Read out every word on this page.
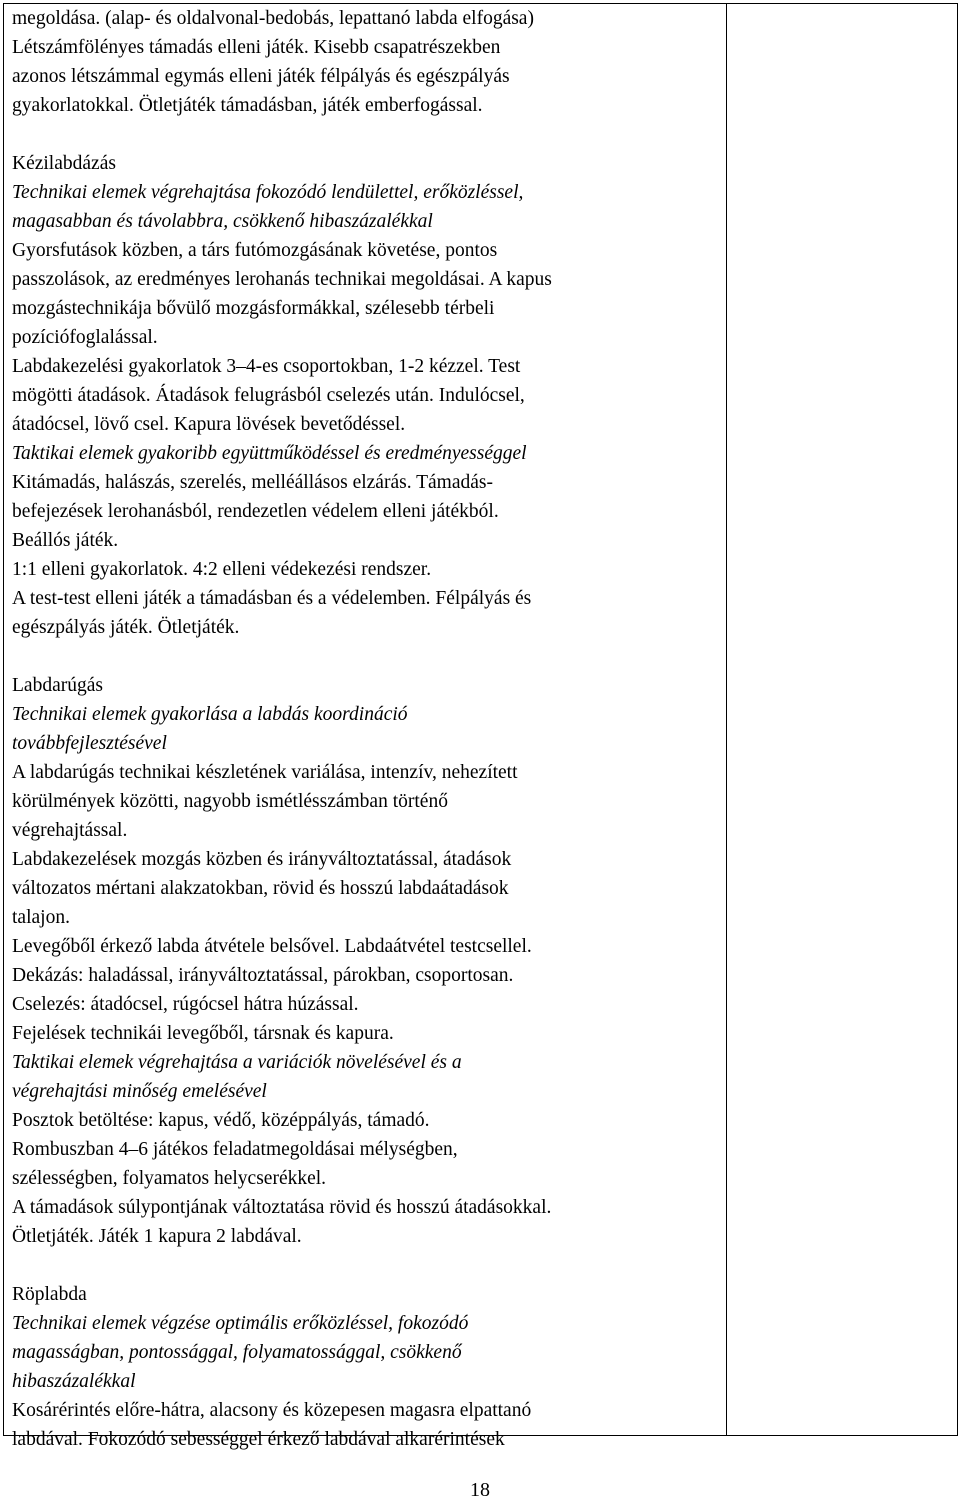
megoldása. (alap- és oldalvonal-bedobás, lepattanó labda elfogása)
Létszámfölényes támadás elleni játék. Kisebb csapatrészekben
azonos létszámmal egymás elleni játék félpályás és egészpályás
gyakorlatokkal. Ötletjáték támadásban, játék emberfogással.
Kézilabdázás
Technikai elemek végrehajtása fokozódó lendülettel, erőközléssel,
magasabban és távolabbra, csökkenő hibaszázalékkal
Gyorsfutások közben, a társ futómozgásának követése, pontos
passzolások, az eredményes lerohanás technikai megoldásai. A kapus
mozgástechnikája bővülő mozgásformákkal, szélesebb térbeli
pozíciófoglalással.
Labdakezelési gyakorlatok 3–4-es csoportokban, 1-2 kézzel. Test
mögötti átadások. Átadások felugrásból cselezés után. Indulócsel,
átadócsel, lövő csel. Kapura lövések bevetődéssel.
Taktikai elemek gyakoribb együttműködéssel és eredményességgel
Kitámadás, halászás, szerelés, melléállásos elzárás. Támadás-
befejezések lerohanásból, rendezetlen védelem elleni játékból.
Beállós játék.
1:1 elleni gyakorlatok. 4:2 elleni védekezési rendszer.
A test-test elleni játék a támadásban és a védelemben. Félpályás és
egészpályás játék. Ötletjáték.
Labdarúgás
Technikai elemek gyakorlása a labdás koordináció
továbbfejlesztésével
A labdarúgás technikai készletének variálása, intenzív, nehezített
körülmények közötti, nagyobb ismétlésszámban történő
végrehajtással.
Labdakezelések mozgás közben és irányváltoztatással, átadások
változatos mértani alakzatokban, rövid és hosszú labdaátadások
talajon.
Levegőből érkező labda átvétele belsővel. Labdaátvétel testcsellel.
Dekázás: haladással, irányváltoztatással, párokban, csoportosan.
Cselezés: átadócsel, rúgócsel hátra húzással.
Fejelések technikái levegőből, társnak és kapura.
Taktikai elemek végrehajtása a variációk növelésével és a
végrehajtási minőség emelésével
Posztok betöltése: kapus, védő, középpályás, támadó.
Rombuszban 4–6 játékos feladatmegoldásai mélységben,
szélességben, folyamatos helycserékkel.
A támadások súlypontjának változtatása rövid és hosszú átadásokkal.
Ötletjáték. Játék 1 kapura 2 labdával.
Röplabda
Technikai elemek végzése optimális erőközléssel, fokozódó
magasságban, pontossággal, folyamatossággal, csökkenő
hibaszázalékkal
Kosárérintés előre-hátra, alacsony és közepesen magasra elpattanó
labdával. Fokozódó sebességgel érkező labdával alkarérintések
18
